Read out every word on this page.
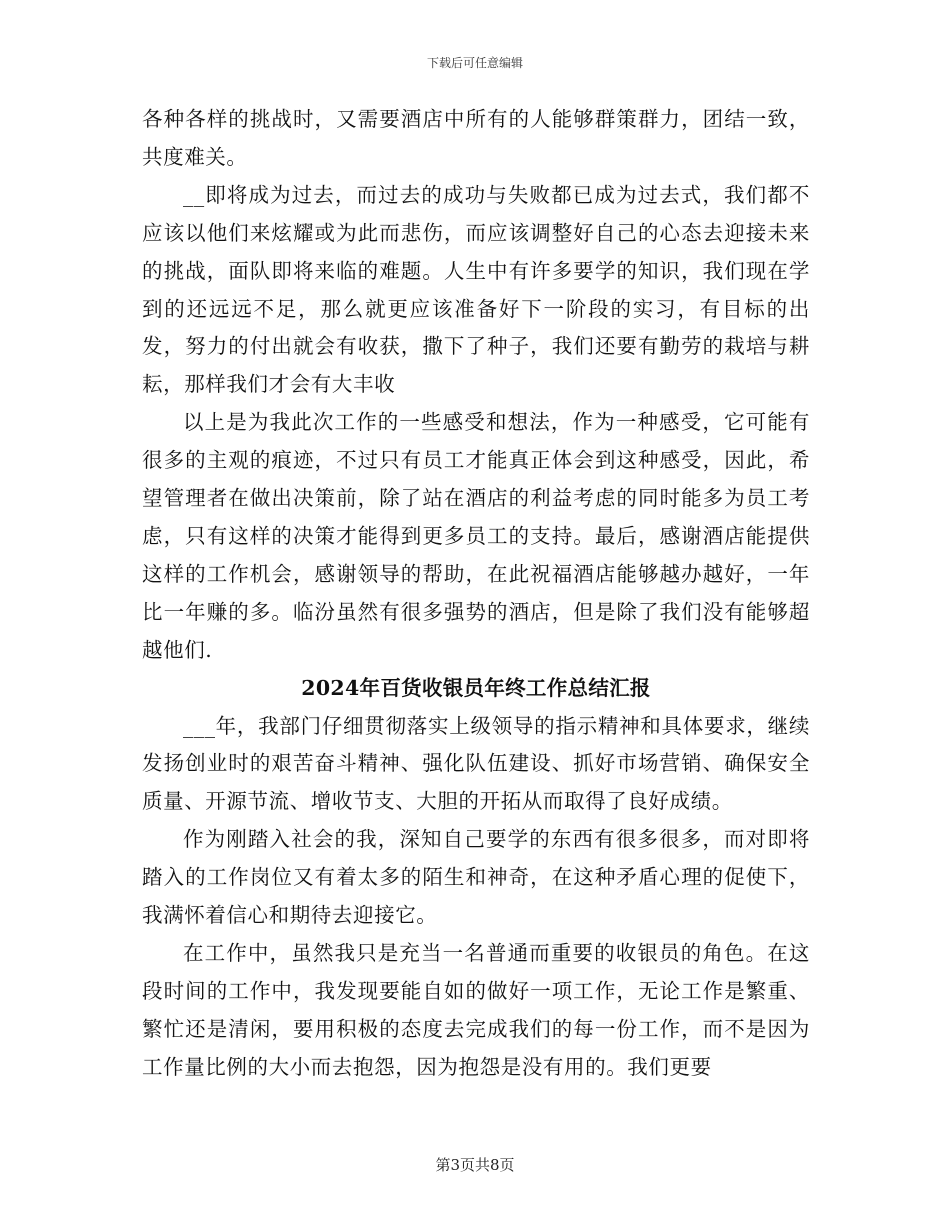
下载后可任意编辑

各种各样的挑战时，又需要酒店中所有的人能够群策群力，团结一致，共度难关。

__即将成为过去，而过去的成功与失败都已成为过去式，我们都不应该以他们来炫耀或为此而悲伤，而应该调整好自己的心态去迎接未来的挑战，面队即将来临的难题。人生中有许多要学的知识，我们现在学到的还远远不足，那么就更应该准备好下一阶段的实习，有目标的出发，努力的付出就会有收获，撒下了种子，我们还要有勤劳的栽培与耕耘，那样我们才会有大丰收

以上是为我此次工作的一些感受和想法，作为一种感受，它可能有很多的主观的痕迹，不过只有员工才能真正体会到这种感受，因此，希望管理者在做出决策前，除了站在酒店的利益考虑的同时能多为员工考虑，只有这样的决策才能得到更多员工的支持。最后，感谢酒店能提供这样的工作机会，感谢领导的帮助，在此祝福酒店能够越办越好，一年比一年赚的多。临汾虽然有很多强势的酒店，但是除了我们没有能够超越他们.

2024年百货收银员年终工作总结汇报

___年，我部门仔细贯彻落实上级领导的指示精神和具体要求，继续发扬创业时的艰苦奋斗精神、强化队伍建设、抓好市场营销、确保安全质量、开源节流、增收节支、大胆的开拓从而取得了良好成绩。

作为刚踏入社会的我，深知自己要学的东西有很多很多，而对即将踏入的工作岗位又有着太多的陌生和神奇，在这种矛盾心理的促使下，我满怀着信心和期待去迎接它。

在工作中，虽然我只是充当一名普通而重要的收银员的角色。在这段时间的工作中，我发现要能自如的做好一项工作，无论工作是繁重、繁忙还是清闲，要用积极的态度去完成我们的每一份工作，而不是因为工作量比例的大小而去抱怨，因为抱怨是没有用的。我们更要

第3页共8页
